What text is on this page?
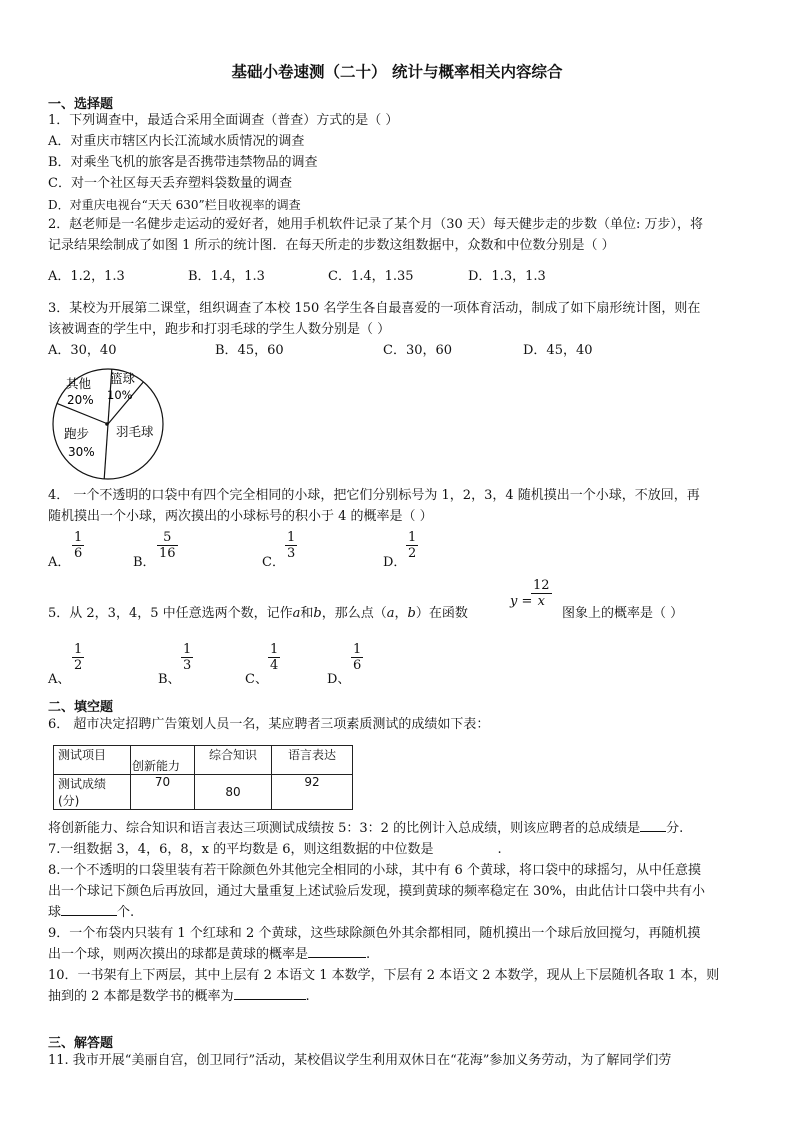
基础小卷速测（二十） 统计与概率相关内容综合
一、选择题
1．下列调查中，最适合采用全面调查（普查）方式的是（ ）
A．对重庆市辖区内长江流域水质情况的调查
B．对乘坐飞机的旅客是否携带违禁物品的调查
C．对一个社区每天丢弃塑料袋数量的调查
D．对重庆电视台“天天 630”栏目收视率的调查
2．赵老师是一名健步走运动的爱好者，她用手机软件记录了某个月（30 天）每天健步走的步数（单位: 万步），将
记录结果绘制成了如图 1 所示的统计图．在每天所走的步数这组数据中，众数和中位数分别是（ ）
A．1.2，1.3	B．1.4，1.3	C．1.4，1.35	D．1.3，1.3
3．某校为开展第二课堂，组织调查了本校 150 名学生各自最喜爱的一项体育活动，制成了如下扇形统计图，则在
该被调查的学生中，跑步和打羽毛球的学生人数分别是（ ）
A．30，40	B．45，60	C．30，60	D．45，40
其他
20%
篮球
10%
羽毛球
跑步
30%
4． 一个不透明的口袋中有四个完全相同的小球，把它们分别标号为 1，2，3，4 随机摸出一个小球，不放回，再
随机摸出一个小球，两次摸出的小球标号的积小于 4 的概率是（ ）
A．
$\frac{1}{6}$
B．
$\frac{5}{16}$
C．
$\frac{1}{3}$
D．
$\frac{1}{2}$
5．从 2，3，4，5 中任意选两个数，记作a和b，那么点（a，b）在函数
y =
$\frac{12}{x}$
图象上的概率是（ ）
A、
$\frac{1}{2}$
B、
$\frac{1}{3}$
C、
$\frac{1}{4}$
D、
$\frac{1}{6}$
二、填空题
6． 超市决定招聘广告策划人员一名，某应聘者三项素质测试的成绩如下表：
测试项目	创新能力	综合知识	语言表达
测试成绩(分)	70	80	92
将创新能力、综合知识和语言表达三项测试成绩按 5：3：2 的比例计入总成绩，则该应聘者的总成绩是 分.
7.一组数据 3，4，6，8，x 的平均数是 6，则这组数据的中位数是	.
8.一个不透明的口袋里装有若干除颜色外其他完全相同的小球，其中有 6 个黄球，将口袋中的球摇匀，从中任意摸
出一个球记下颜色后再放回，通过大量重复上述试验后发现，摸到黄球的频率稳定在 30%，由此估计口袋中共有小
球	个.
9．一个布袋内只装有 1 个红球和 2 个黄球，这些球除颜色外其余都相同，随机摸出一个球后放回搅匀，再随机摸
出一个球，则两次摸出的球都是黄球的概率是	.
10．一书架有上下两层，其中上层有 2 本语文 1 本数学，下层有 2 本语文 2 本数学，现从上下层随机各取 1 本，则
抽到的 2 本都是数学书的概率为	.
三、解答题
11. 我市开展“美丽自宫，创卫同行”活动，某校倡议学生利用双休日在“花海”参加义务劳动，为了解同学们劳
